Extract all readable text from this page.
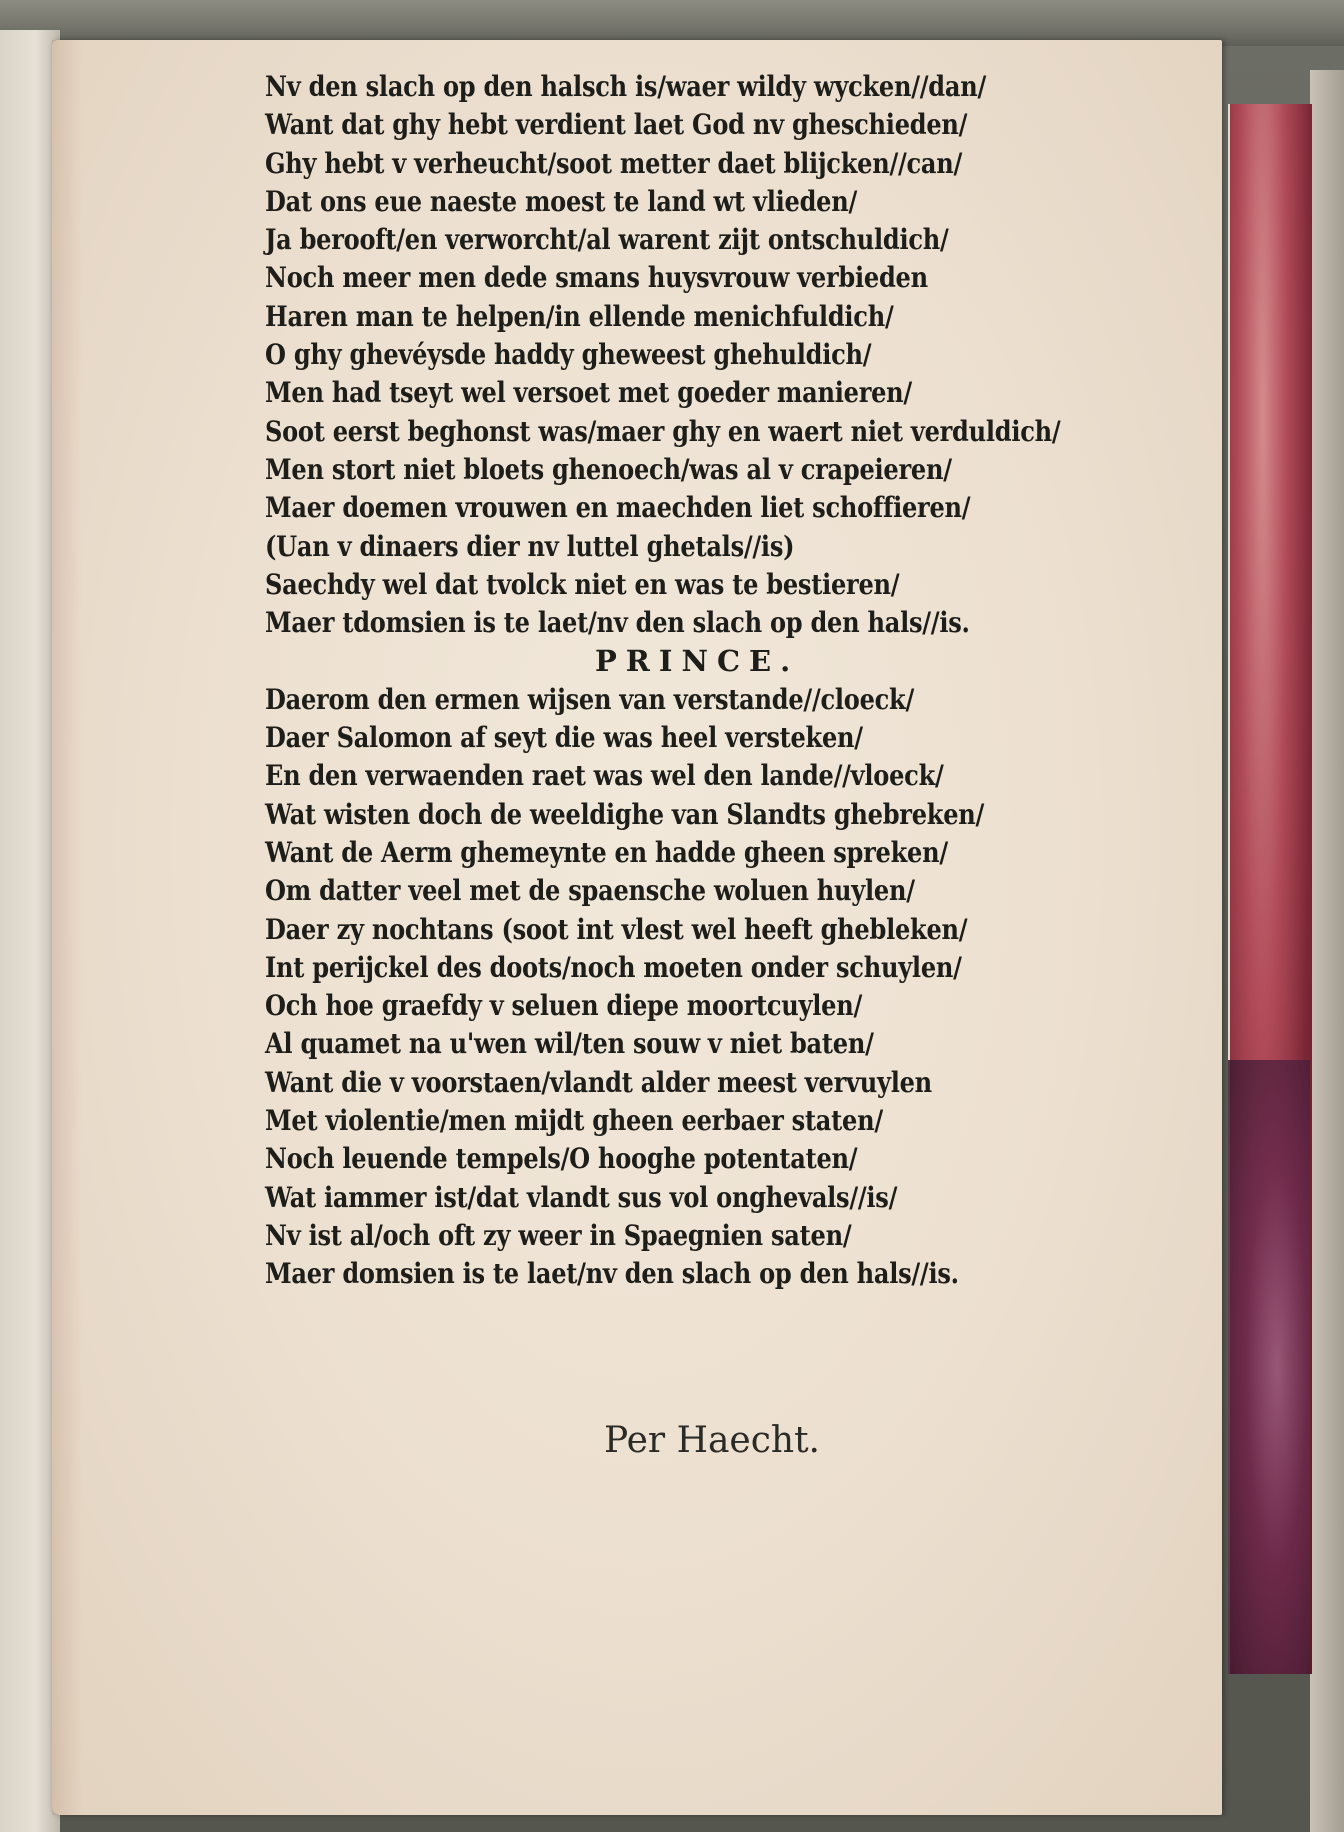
Nv den slach op den halsch is/waer wildy wycken//dan/
Want dat ghy hebt verdient laet God nv gheschieden/
Ghy hebt v verheucht/soot metter daet blijcken//can/
Dat ons eue naeste moest te land wt vlieden/
Ja berooft/en verworcht/al warent zijt ontschuldich/
Noch meer men dede smans huysvrouw verbieden
Haren man te helpen/in ellende menichfuldich/
O ghy ghevéysde haddy gheweest ghehuldich/
Men had tseyt wel versoet met goeder manieren/
Soot eerst beghonst was/maer ghy en waert niet verduldich/
Men stort niet bloets ghenoech/was al v crapeieren/
Maer doemen vrouwen en maechden liet schoffieren/
(Uan v dinaers dier nv luttel ghetals//is)
Saechdy wel dat tvolck niet en was te bestieren/
Maer tdomsien is te laet/nv den slach op den hals//is.
PRINCE.
Daerom den ermen wijsen van verstande//cloeck/
Daer Salomon af seyt die was heel versteken/
En den verwaenden raet was wel den lande//vloeck/
Wat wisten doch de weeldighe van Slandts ghebreken/
Want de Aerm ghemeynte en hadde gheen spreken/
Om datter veel met de spaensche woluen huylen/
Daer zy nochtans (soot int vlest wel heeft ghebleken/
Int perijckel des doots/noch moeten onder schuylen/
Och hoe graefdy v seluen diepe moortcuylen/
Al quamet na u'wen wil/ten souw v niet baten/
Want die v voorstaen/vlandt alder meest vervuylen
Met violentie/men mijdt gheen eerbaer staten/
Noch leuende tempels/O hooghe potentaten/
Wat iammer ist/dat vlandt sus vol onghevals//is/
Nv ist al/och oft zy weer in Spaegnien saten/
Maer domsien is te laet/nv den slach op den hals//is.
Per Haecht.
